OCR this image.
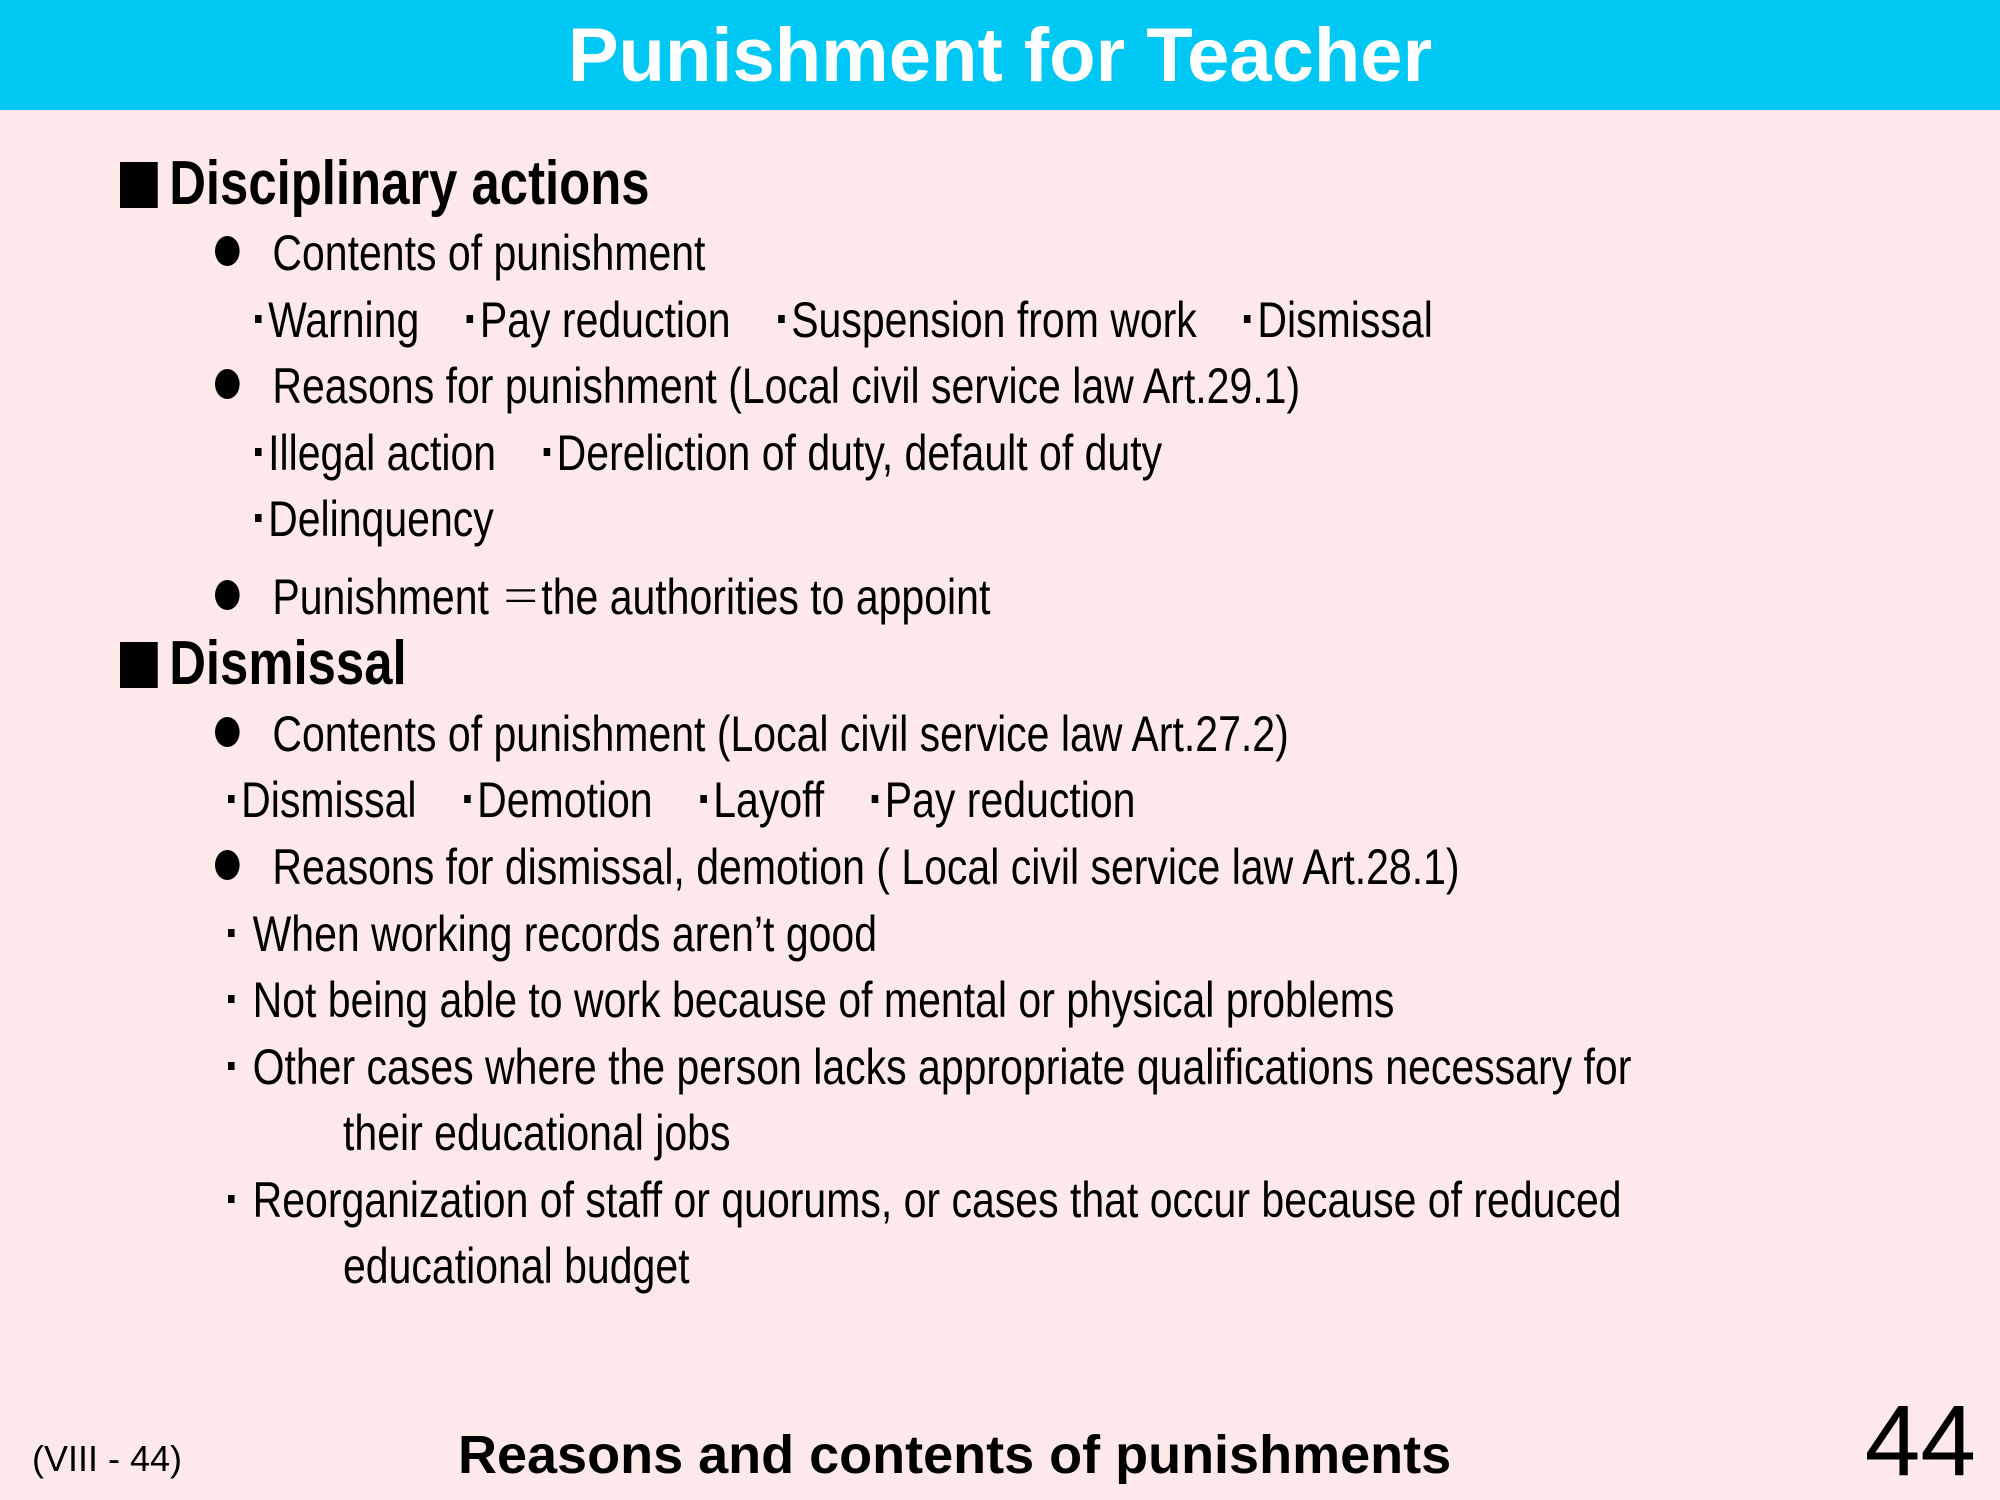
Punishment for Teacher
Disciplinary actions
Contents of punishment
Warning Pay reduction Suspension from work Dismissal
Reasons for punishment (Local civil service law Art.29.1)
Illegal action Dereliction of duty, default of duty
Delinquency
Punishment ＝the authorities to appoint
Dismissal
Contents of punishment (Local civil service law Art.27.2)
Dismissal Demotion Layoff Pay reduction
Reasons for dismissal, demotion ( Local civil service law Art.28.1)
When working records aren’t good
Not being able to work because of mental or physical problems
Other cases where the person lacks appropriate qualifications necessary for
their educational jobs
Reorganization of staff or quorums, or cases that occur because of reduced
educational budget
(VIII - 44)	Reasons and contents of punishments	44
